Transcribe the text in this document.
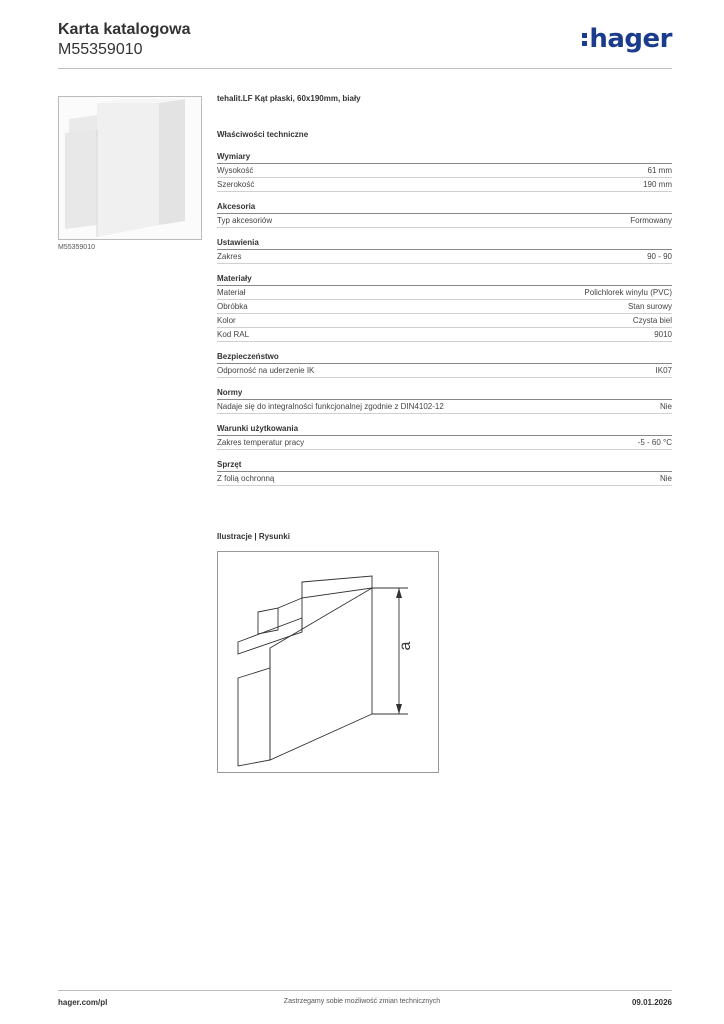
Karta katalogowa
M55359010	hager
M55359010
tehalit.LF Kąt płaski, 60x190mm, biały
Właściwości techniczne
Wymiary
Wysokość	61 mm
Szerokość	190 mm
Akcesoria
Typ akcesoriów	Formowany
Ustawienia
Zakres	90 - 90
Materiały
Materiał	Polichlorek winylu (PVC)
Obróbka	Stan surowy
Kolor	Czysta biel
Kod RAL	9010
Bezpieczeństwo
Odporność na uderzenie IK	IK07
Normy
Nadaje się do integralności funkcjonalnej zgodnie z DIN4102-12	Nie
Warunki użytkowania
Zakres temperatur pracy	-5 - 60 °C
Sprzęt
Z folią ochronną	Nie
Ilustracje | Rysunki
a
hager.com/pl	Zastrzegamy sobie możliwość zmian technicznych	09.01.2026
